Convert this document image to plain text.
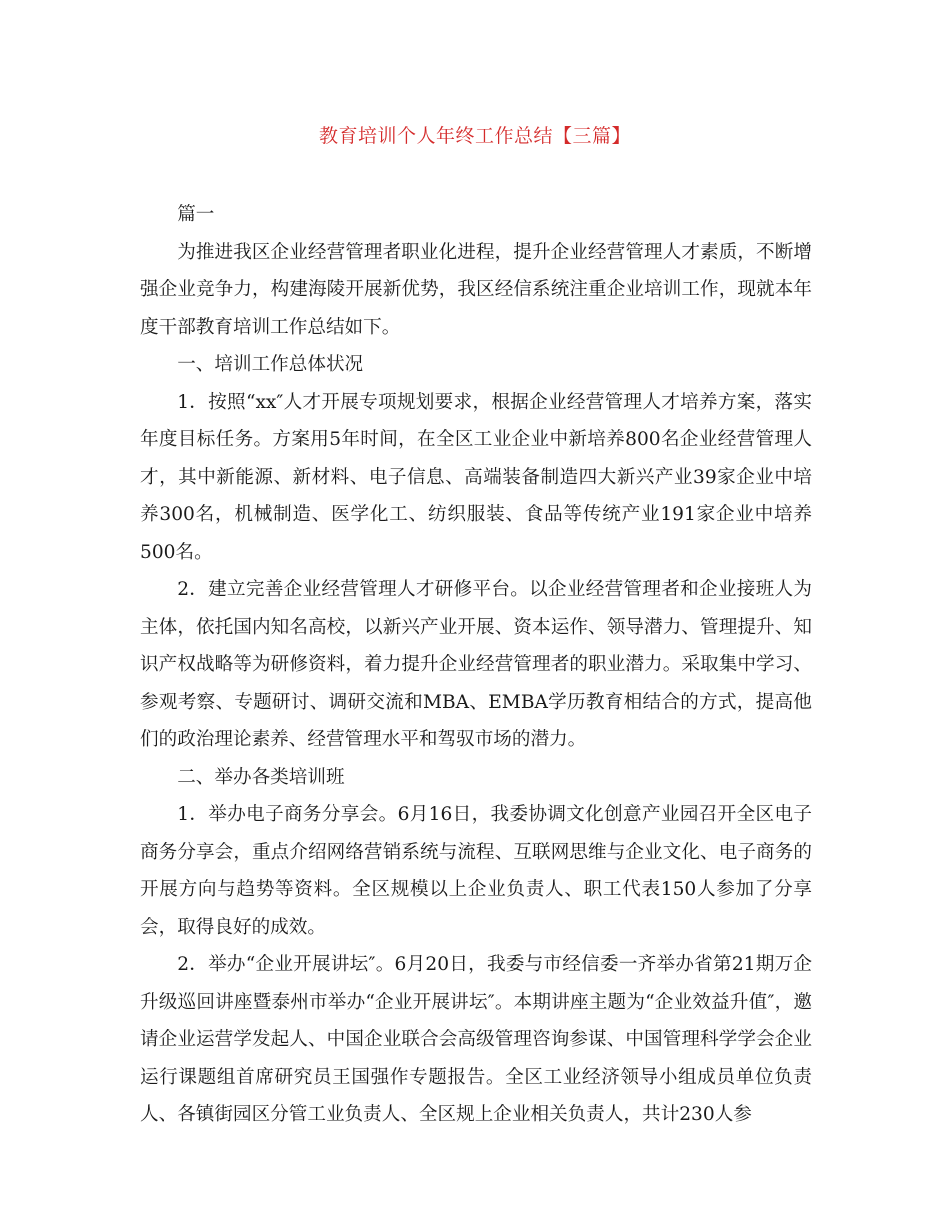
教育培训个人年终工作总结【三篇】

篇一

为推进我区企业经营管理者职业化进程，提升企业经营管理人才素质，不断增强企业竞争力，构建海陵开展新优势，我区经信系统注重企业培训工作，现就本年度干部教育培训工作总结如下。

一、培训工作总体状况

1．按照“xx″人才开展专项规划要求，根据企业经营管理人才培养方案，落实年度目标任务。方案用5年时间，在全区工业企业中新培养800名企业经营管理人才，其中新能源、新材料、电子信息、高端装备制造四大新兴产业39家企业中培养300名，机械制造、医学化工、纺织服装、食品等传统产业191家企业中培养500名。

2．建立完善企业经营管理人才研修平台。以企业经营管理者和企业接班人为主体，依托国内知名高校，以新兴产业开展、资本运作、领导潜力、管理提升、知识产权战略等为研修资料，着力提升企业经营管理者的职业潜力。采取集中学习、参观考察、专题研讨、调研交流和MBA、EMBA学历教育相结合的方式，提高他们的政治理论素养、经营管理水平和驾驭市场的潜力。

二、举办各类培训班

1．举办电子商务分享会。6月16日，我委协调文化创意产业园召开全区电子商务分享会，重点介绍网络营销系统与流程、互联网思维与企业文化、电子商务的开展方向与趋势等资料。全区规模以上企业负责人、职工代表150人参加了分享会，取得良好的成效。

2．举办“企业开展讲坛″。6月20日，我委与市经信委一齐举办省第21期万企升级巡回讲座暨泰州市举办“企业开展讲坛″。本期讲座主题为“企业效益升值″，邀请企业运营学发起人、中国企业联合会高级管理咨询参谋、中国管理科学学会企业运行课题组首席研究员王国强作专题报告。全区工业经济领导小组成员单位负责人、各镇街园区分管工业负责人、全区规上企业相关负责人，共计230人参
